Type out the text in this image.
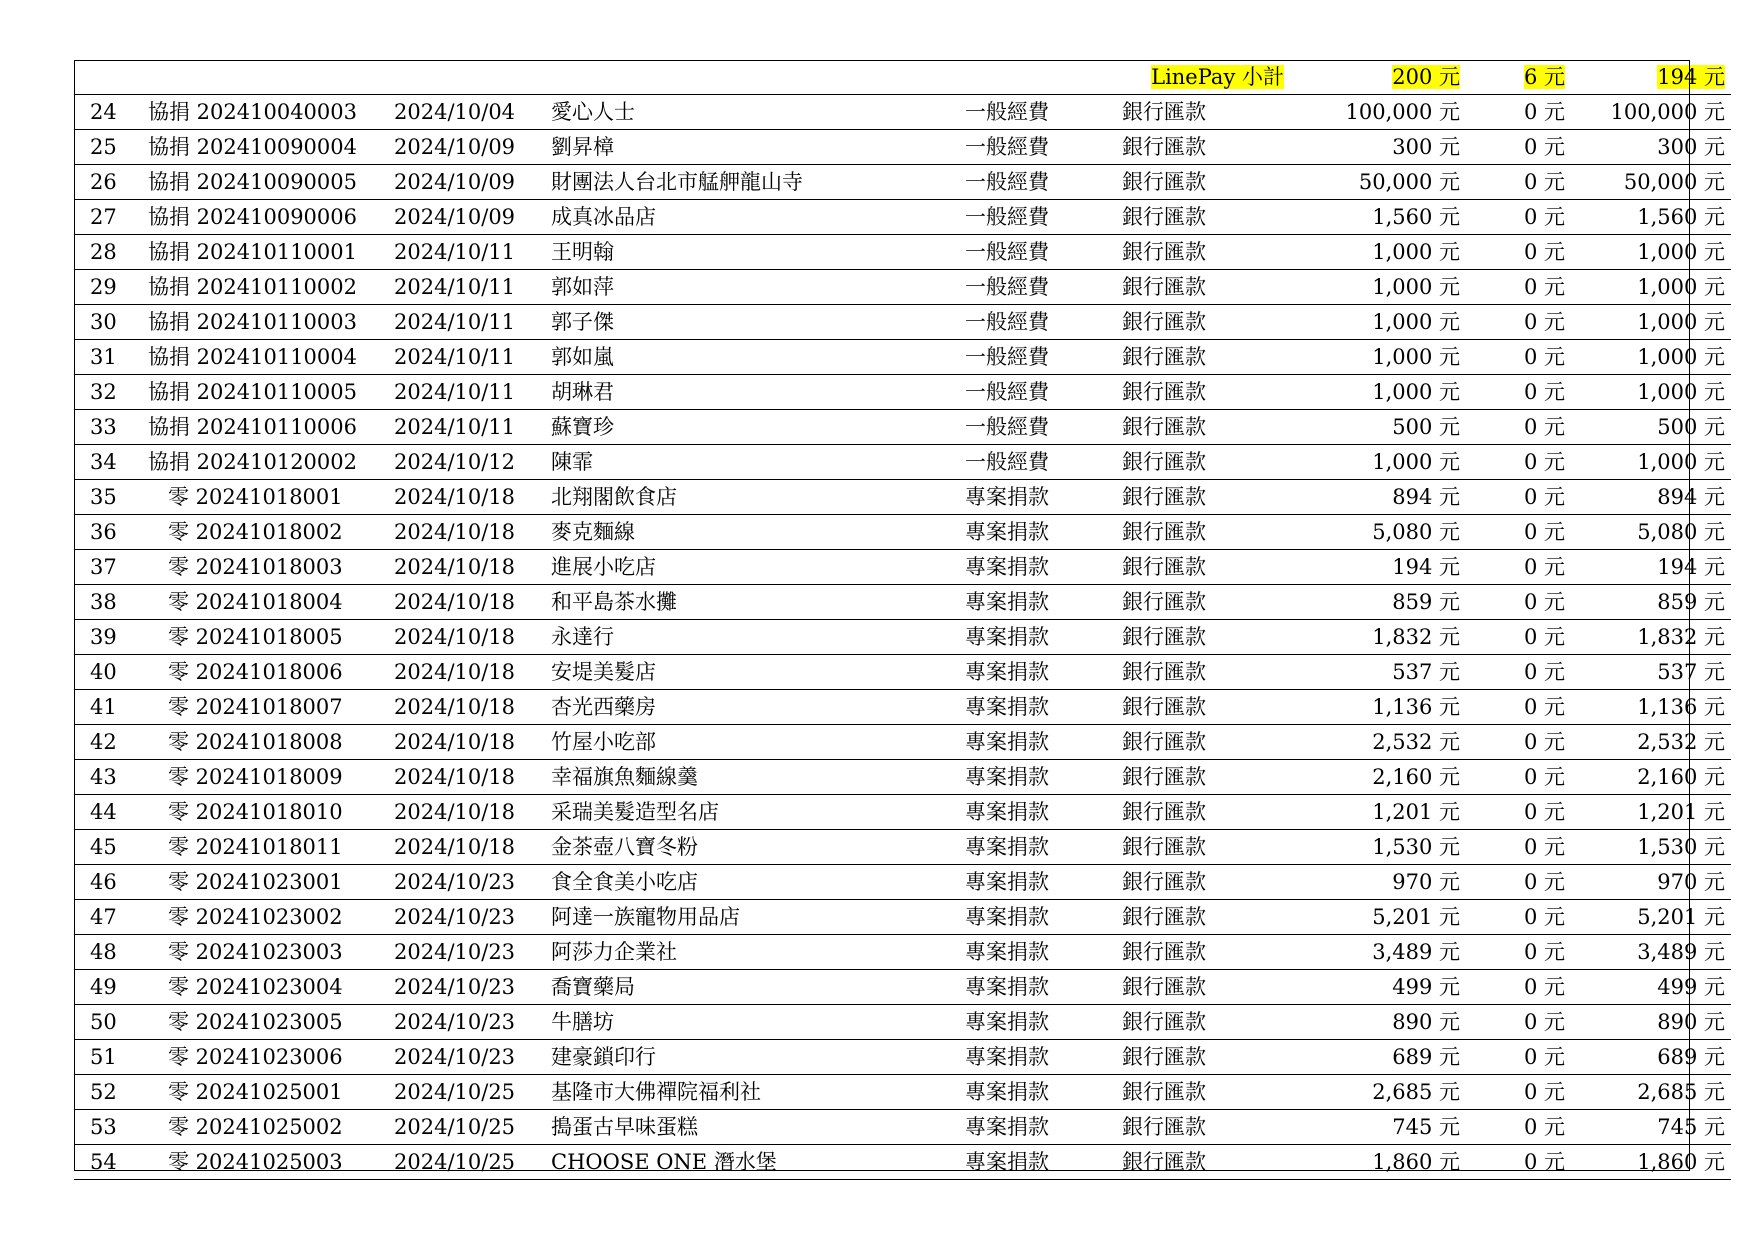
					LinePay 小計	200 元	6 元	194 元
24	協捐 202410040003	2024/10/04	愛心人士	一般經費	銀行匯款	100,000 元	0 元	100,000 元
25	協捐 202410090004	2024/10/09	劉昇樟	一般經費	銀行匯款	300 元	0 元	300 元
26	協捐 202410090005	2024/10/09	財團法人台北市艋舺龍山寺	一般經費	銀行匯款	50,000 元	0 元	50,000 元
27	協捐 202410090006	2024/10/09	成真冰品店	一般經費	銀行匯款	1,560 元	0 元	1,560 元
28	協捐 202410110001	2024/10/11	王明翰	一般經費	銀行匯款	1,000 元	0 元	1,000 元
29	協捐 202410110002	2024/10/11	郭如萍	一般經費	銀行匯款	1,000 元	0 元	1,000 元
30	協捐 202410110003	2024/10/11	郭子傑	一般經費	銀行匯款	1,000 元	0 元	1,000 元
31	協捐 202410110004	2024/10/11	郭如嵐	一般經費	銀行匯款	1,000 元	0 元	1,000 元
32	協捐 202410110005	2024/10/11	胡琳君	一般經費	銀行匯款	1,000 元	0 元	1,000 元
33	協捐 202410110006	2024/10/11	蘇寶珍	一般經費	銀行匯款	500 元	0 元	500 元
34	協捐 202410120002	2024/10/12	陳霏	一般經費	銀行匯款	1,000 元	0 元	1,000 元
35	零 20241018001	2024/10/18	北翔閣飲食店	專案捐款	銀行匯款	894 元	0 元	894 元
36	零 20241018002	2024/10/18	麥克麵線	專案捐款	銀行匯款	5,080 元	0 元	5,080 元
37	零 20241018003	2024/10/18	進展小吃店	專案捐款	銀行匯款	194 元	0 元	194 元
38	零 20241018004	2024/10/18	和平島茶水攤	專案捐款	銀行匯款	859 元	0 元	859 元
39	零 20241018005	2024/10/18	永達行	專案捐款	銀行匯款	1,832 元	0 元	1,832 元
40	零 20241018006	2024/10/18	安堤美髮店	專案捐款	銀行匯款	537 元	0 元	537 元
41	零 20241018007	2024/10/18	杏光西藥房	專案捐款	銀行匯款	1,136 元	0 元	1,136 元
42	零 20241018008	2024/10/18	竹屋小吃部	專案捐款	銀行匯款	2,532 元	0 元	2,532 元
43	零 20241018009	2024/10/18	幸福旗魚麵線羹	專案捐款	銀行匯款	2,160 元	0 元	2,160 元
44	零 20241018010	2024/10/18	采瑞美髮造型名店	專案捐款	銀行匯款	1,201 元	0 元	1,201 元
45	零 20241018011	2024/10/18	金茶壺八寶冬粉	專案捐款	銀行匯款	1,530 元	0 元	1,530 元
46	零 20241023001	2024/10/23	食全食美小吃店	專案捐款	銀行匯款	970 元	0 元	970 元
47	零 20241023002	2024/10/23	阿達一族寵物用品店	專案捐款	銀行匯款	5,201 元	0 元	5,201 元
48	零 20241023003	2024/10/23	阿莎力企業社	專案捐款	銀行匯款	3,489 元	0 元	3,489 元
49	零 20241023004	2024/10/23	喬寶藥局	專案捐款	銀行匯款	499 元	0 元	499 元
50	零 20241023005	2024/10/23	牛膳坊	專案捐款	銀行匯款	890 元	0 元	890 元
51	零 20241023006	2024/10/23	建豪鎖印行	專案捐款	銀行匯款	689 元	0 元	689 元
52	零 20241025001	2024/10/25	基隆市大佛禪院福利社	專案捐款	銀行匯款	2,685 元	0 元	2,685 元
53	零 20241025002	2024/10/25	搗蛋古早味蛋糕	專案捐款	銀行匯款	745 元	0 元	745 元
54	零 20241025003	2024/10/25	CHOOSE ONE 潛水堡	專案捐款	銀行匯款	1,860 元	0 元	1,860 元
